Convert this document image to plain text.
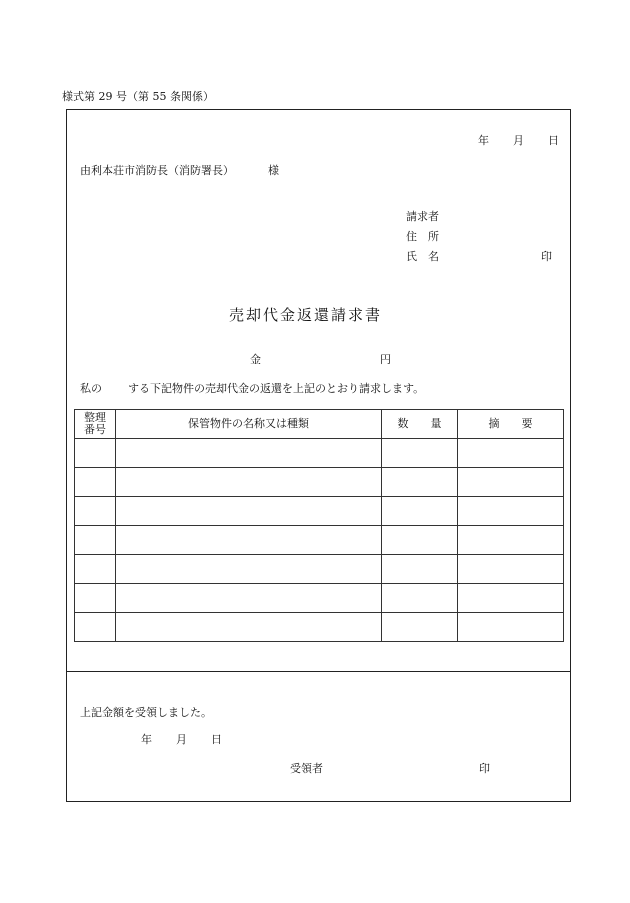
様式第 29 号（第 55 条関係）
年 月 日
由利本荘市消防長（消防署長）	様
請求者
住　所
氏　名	印
売却代金返還請求書
金	円
私の する下記物件の売却代金の返還を上記のとおり請求します。
整理
番号	保管物件の名称又は種類	数　　量	摘　　要

上記金額を受領しました。
年 月 日
受領者	印
